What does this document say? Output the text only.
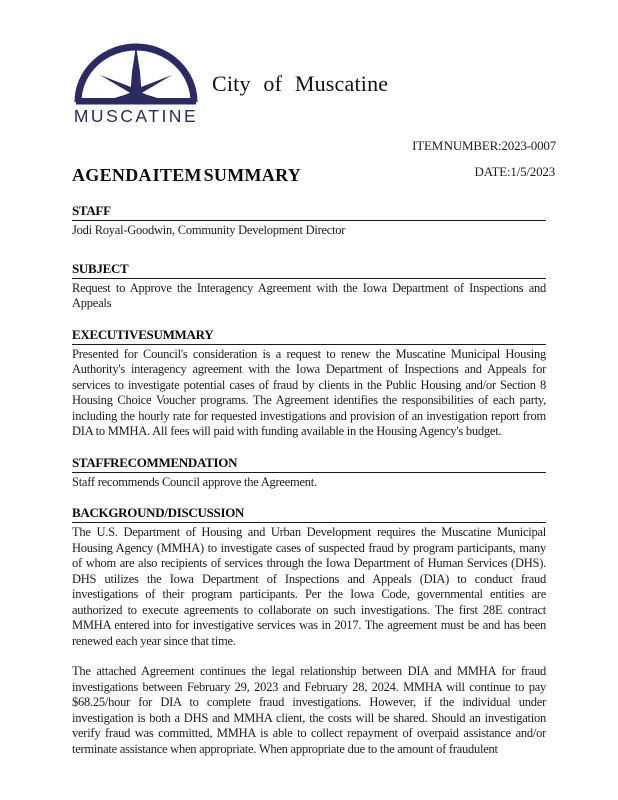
MUSCATINE
City of Muscatine
ITEM NUMBER:2023-0007
AGENDA ITEM SUMMARY	DATE:1/5/2023
STAFF

Jodi Royal-Goodwin, Community Development Director

SUBJECT

Request to Approve the Interagency Agreement with the Iowa Department of Inspections and Appeals

EXECUTIVE SUMMARY

Presented for Council's consideration is a request to renew the Muscatine Municipal Housing Authority's interagency agreement with the Iowa Department of Inspections and Appeals for services to investigate potential cases of fraud by clients in the Public Housing and/or Section 8 Housing Choice Voucher programs. The Agreement identifies the responsibilities of each party, including the hourly rate for requested investigations and provision of an investigation report from DIA to MMHA. All fees will paid with funding available in the Housing Agency's budget.

STAFF RECOMMENDATION

Staff recommends Council approve the Agreement.

BACKGROUND/DISCUSSION

The U.S. Department of Housing and Urban Development requires the Muscatine Municipal Housing Agency (MMHA) to investigate cases of suspected fraud by program participants, many of whom are also recipients of services through the Iowa Department of Human Services (DHS). DHS utilizes the Iowa Department of Inspections and Appeals (DIA) to conduct fraud investigations of their program participants. Per the Iowa Code, governmental entities are authorized to execute agreements to collaborate on such investigations. The first 28E contract MMHA entered into for investigative services was in 2017. The agreement must be and has been renewed each year since that time.

The attached Agreement continues the legal relationship between DIA and MMHA for fraud investigations between February 29, 2023 and February 28, 2024. MMHA will continue to pay $68.25/hour for DIA to complete fraud investigations. However, if the individual under investigation is both a DHS and MMHA client, the costs will be shared. Should an investigation verify fraud was committed, MMHA is able to collect repayment of overpaid assistance and/or terminate assistance when appropriate. When appropriate due to the amount of fraudulent
